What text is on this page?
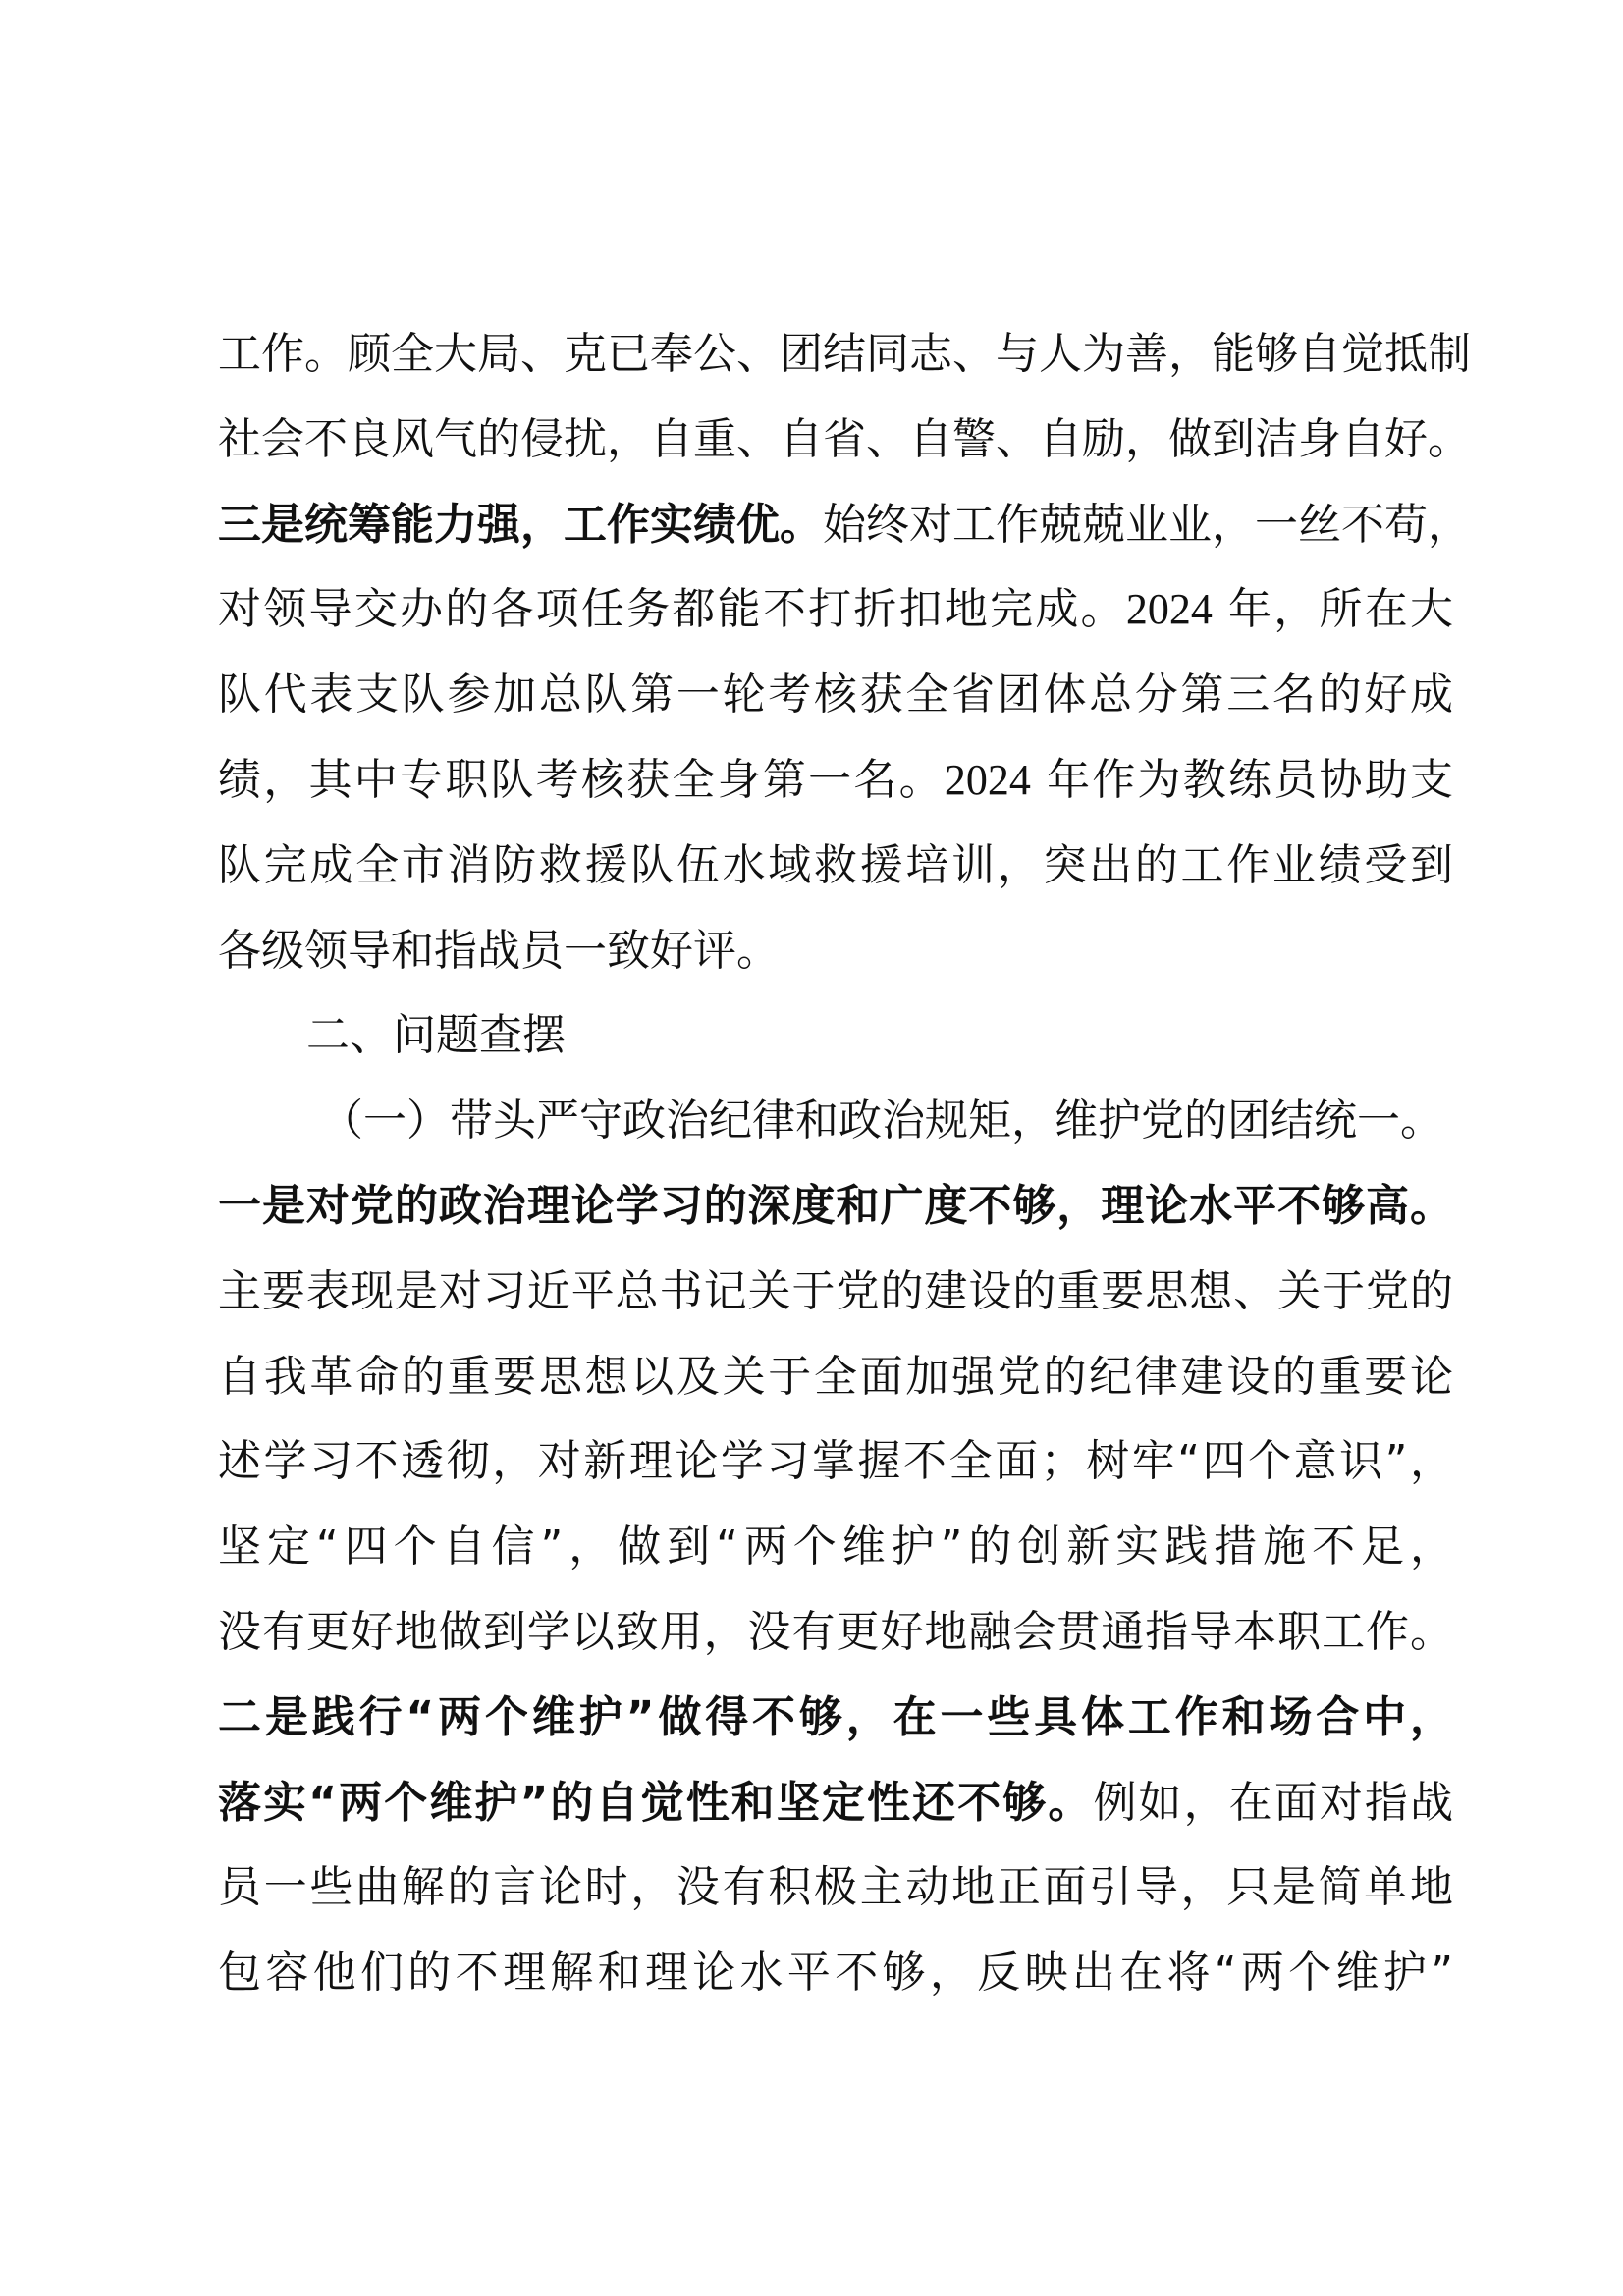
工作。顾全大局、克已奉公、团结同志、与人为善，能够自觉抵制
社会不良风气的侵扰，自重、自省、自警、自励，做到洁身自好。
三是统筹能力强，工作实绩优。始终对工作兢兢业业，一丝不苟，
对领导交办的各项任务都能不打折扣地完成。2024 年，所在大
队代表支队参加总队第一轮考核获全省团体总分第三名的好成
绩，其中专职队考核获全身第一名。2024 年作为教练员协助支
队完成全市消防救援队伍水域救援培训，突出的工作业绩受到
各级领导和指战员一致好评。
二、问题查摆
（一）带头严守政治纪律和政治规矩，维护党的团结统一。
一是对党的政治理论学习的深度和广度不够，理论水平不够高。
主要表现是对习近平总书记关于党的建设的重要思想、关于党的
自我革命的重要思想以及关于全面加强党的纪律建设的重要论
述学习不透彻，对新理论学习掌握不全面；树牢“四个意识”，
坚定“四个自信”，做到“两个维护”的创新实践措施不足，
没有更好地做到学以致用，没有更好地融会贯通指导本职工作。
二是践行“两个维护”做得不够，在一些具体工作和场合中，
落实“两个维护”的自觉性和坚定性还不够。例如，在面对指战
员一些曲解的言论时，没有积极主动地正面引导，只是简单地
包容他们的不理解和理论水平不够，反映出在将“两个维护”
